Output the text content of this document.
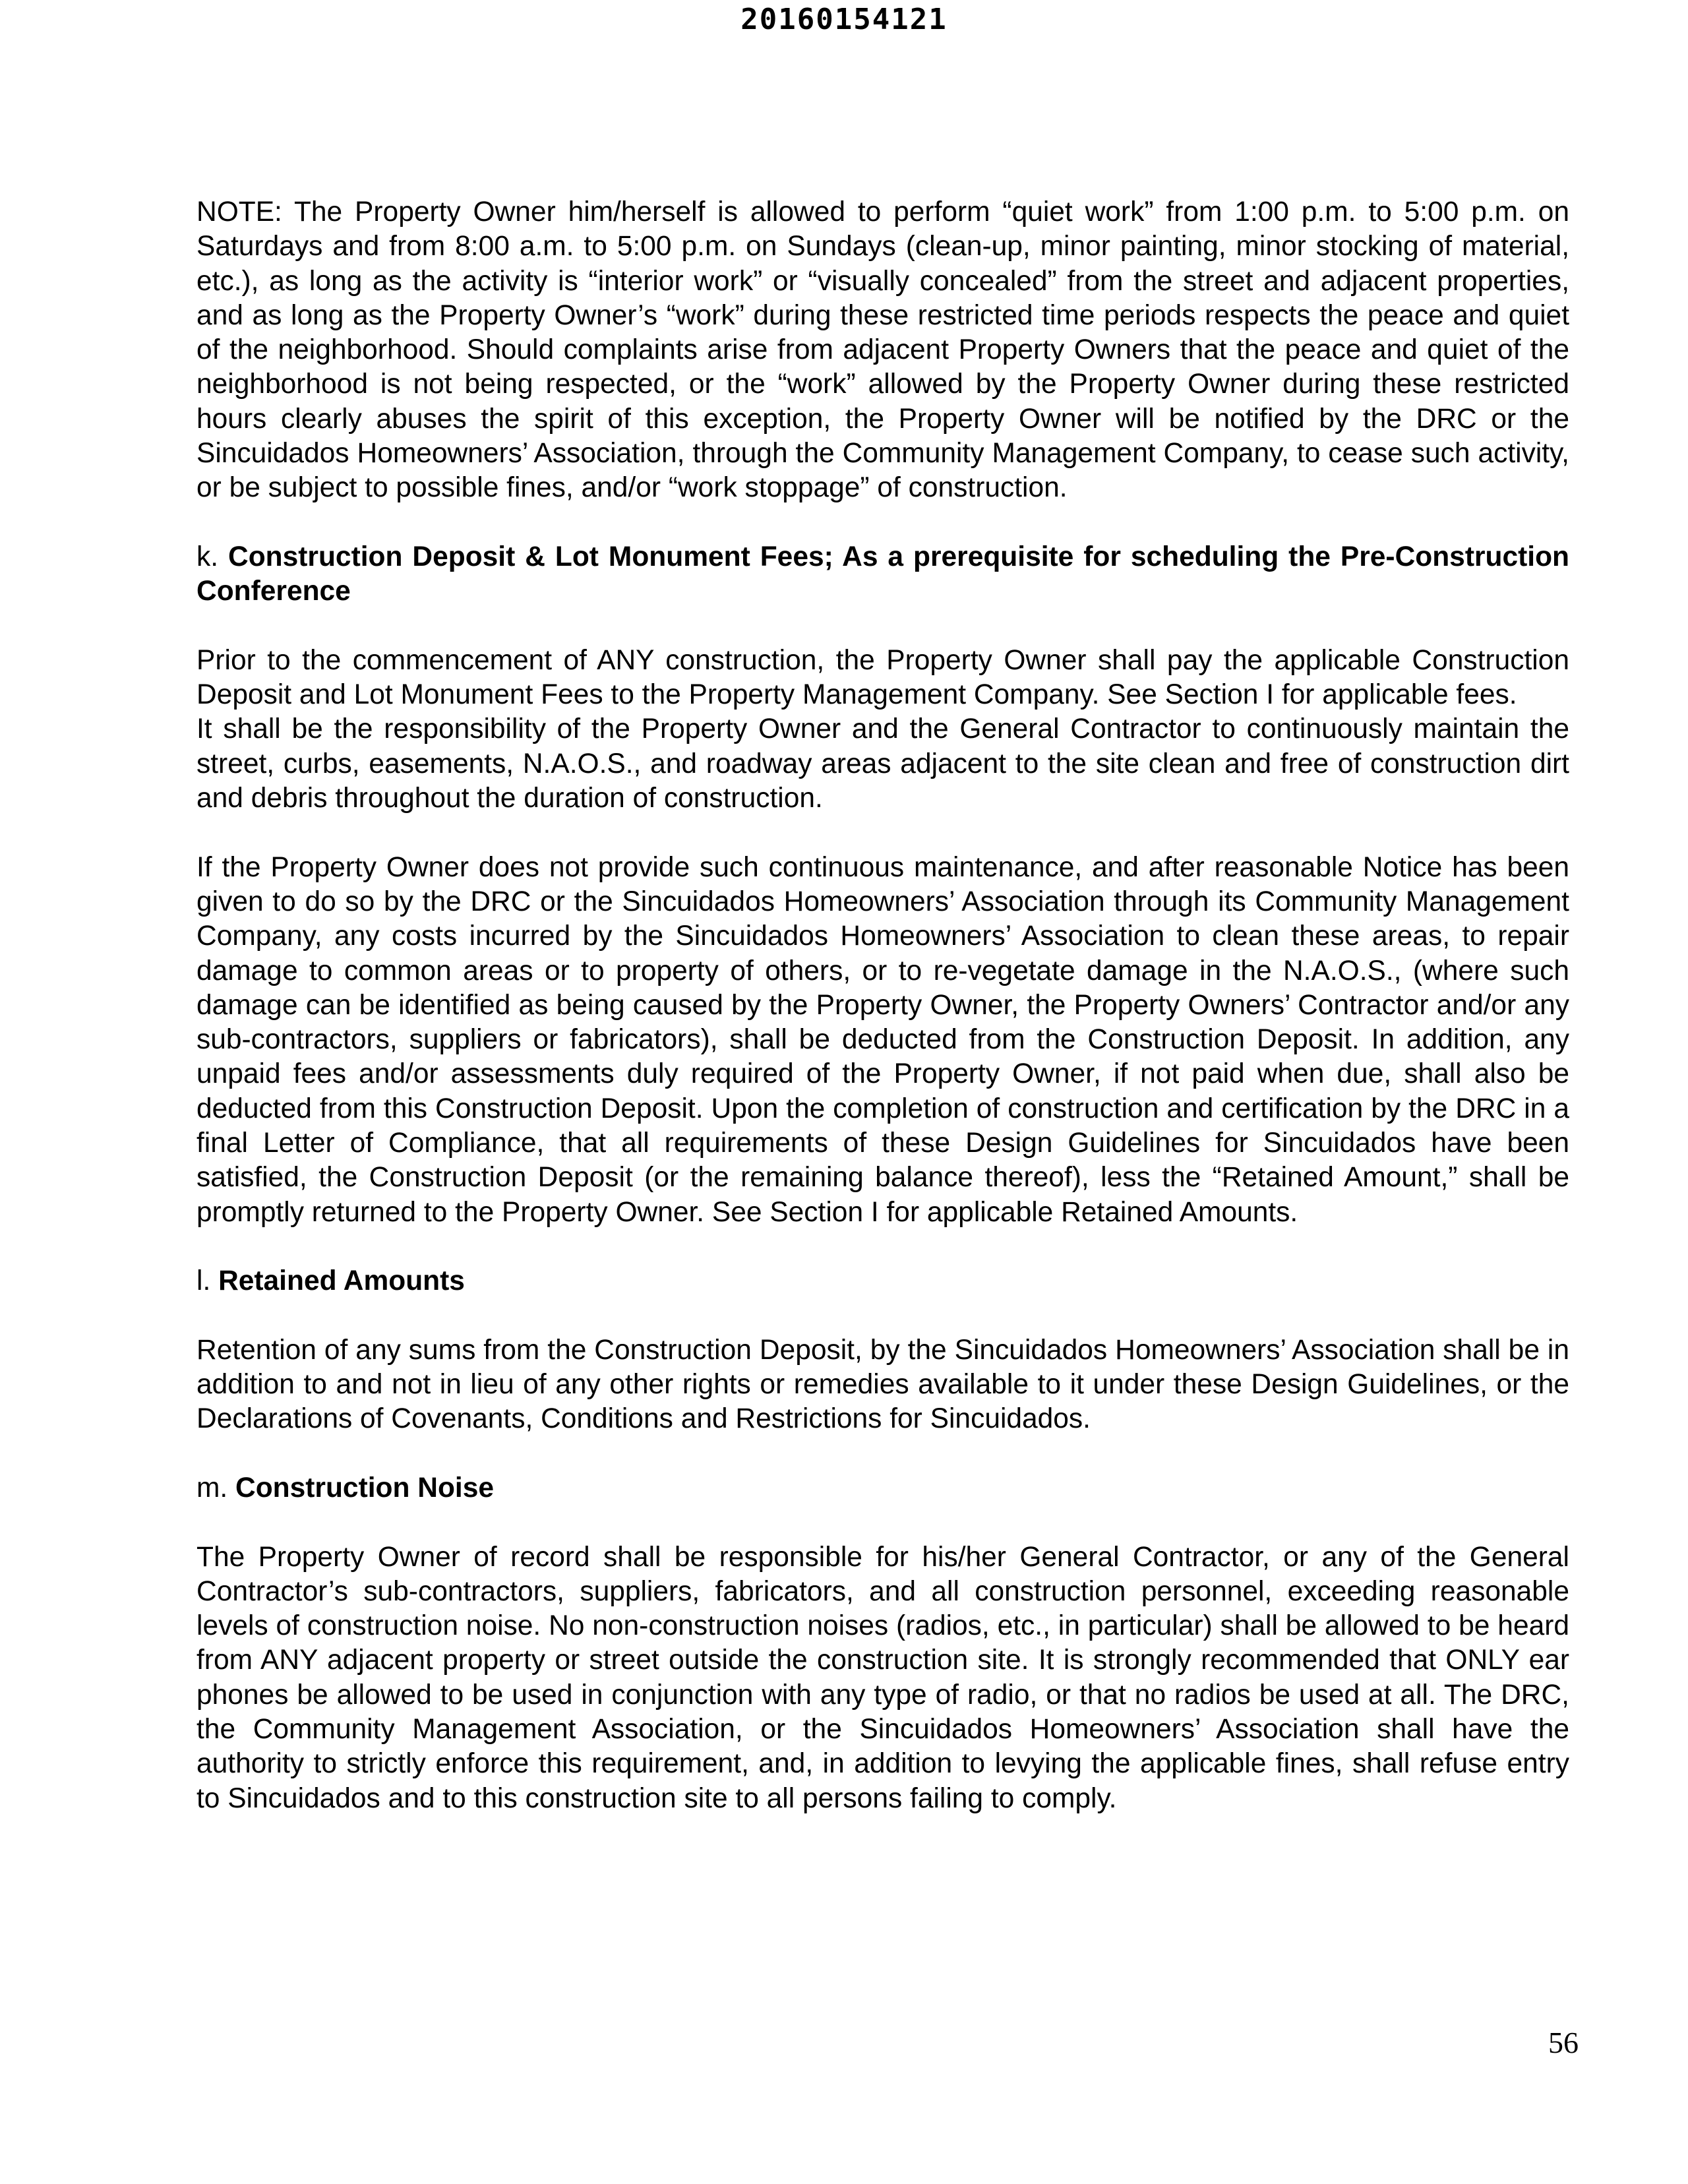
20160154121

NOTE: The Property Owner him/herself is allowed to perform “quiet work” from 1:00 p.m. to 5:00 p.m. on Saturdays and from 8:00 a.m. to 5:00 p.m. on Sundays (clean-up, minor painting, minor stocking of material, etc.), as long as the activity is “interior work” or “visually concealed” from the street and adjacent properties, and as long as the Property Owner’s “work” during these restricted time periods respects the peace and quiet of the neighborhood. Should complaints arise from adjacent Property Owners that the peace and quiet of the neighborhood is not being respected, or the “work” allowed by the Property Owner during these restricted hours clearly abuses the spirit of this exception, the Property Owner will be notified by the DRC or the Sincuidados Homeowners’ Association, through the Community Management Company, to cease such activity, or be subject to possible fines, and/or “work stoppage” of construction.

k. Construction Deposit & Lot Monument Fees; As a prerequisite for scheduling the Pre-Construction Conference

Prior to the commencement of ANY construction, the Property Owner shall pay the applicable Construction Deposit and Lot Monument Fees to the Property Management Company. See Section I for applicable fees.

It shall be the responsibility of the Property Owner and the General Contractor to continuously maintain the street, curbs, easements, N.A.O.S., and roadway areas adjacent to the site clean and free of construction dirt and debris throughout the duration of construction.

If the Property Owner does not provide such continuous maintenance, and after reasonable Notice has been given to do so by the DRC or the Sincuidados Homeowners’ Association through its Community Management Company, any costs incurred by the Sincuidados Homeowners’ Association to clean these areas, to repair damage to common areas or to property of others, or to re-vegetate damage in the N.A.O.S., (where such damage can be identified as being caused by the Property Owner, the Property Owners’ Contractor and/or any sub-contractors, suppliers or fabricators), shall be deducted from the Construction Deposit. In addition, any unpaid fees and/or assessments duly required of the Property Owner, if not paid when due, shall also be deducted from this Construction Deposit. Upon the completion of construction and certification by the DRC in a final Letter of Compliance, that all requirements of these Design Guidelines for Sincuidados have been satisfied, the Construction Deposit (or the remaining balance thereof), less the “Retained Amount,” shall be promptly returned to the Property Owner. See Section I for applicable Retained Amounts.

l. Retained Amounts

Retention of any sums from the Construction Deposit, by the Sincuidados Homeowners’ Association shall be in addition to and not in lieu of any other rights or remedies available to it under these Design Guidelines, or the Declarations of Covenants, Conditions and Restrictions for Sincuidados.

m. Construction Noise

The Property Owner of record shall be responsible for his/her General Contractor, or any of the General Contractor’s sub-contractors, suppliers, fabricators, and all construction personnel, exceeding reasonable levels of construction noise. No non-construction noises (radios, etc., in particular) shall be allowed to be heard from ANY adjacent property or street outside the construction site. It is strongly recommended that ONLY ear phones be allowed to be used in conjunction with any type of radio, or that no radios be used at all. The DRC, the Community Management Association, or the Sincuidados Homeowners’ Association shall have the authority to strictly enforce this requirement, and, in addition to levying the applicable fines, shall refuse entry to Sincuidados and to this construction site to all persons failing to comply.

56
